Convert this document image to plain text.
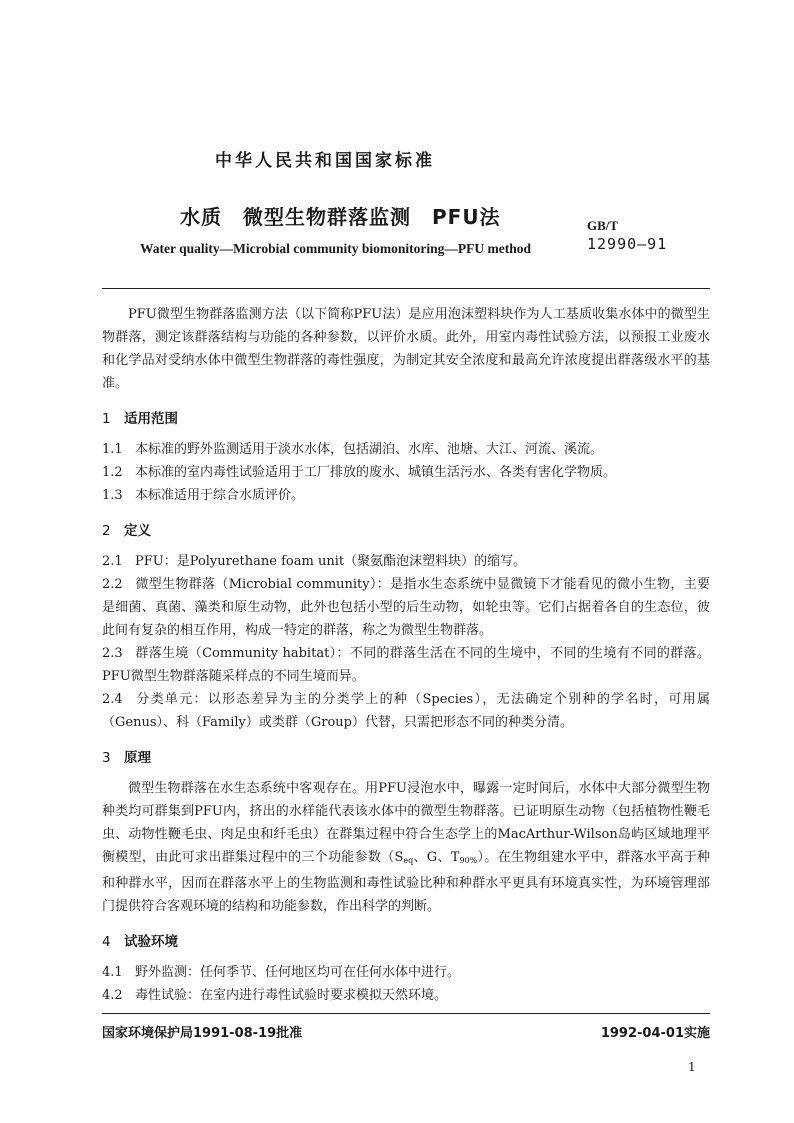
中华人民共和国国家标准
水质　微型生物群落监测　PFU法	GB/T
12990—91

Water quality—Microbial community biomonitoring—PFU method

PFU微型生物群落监测方法（以下简称PFU法）是应用泡沫塑料块作为人工基质收集水体中的微型生物群落，测定该群落结构与功能的各种参数，以评价水质。此外，用室内毒性试验方法，以预报工业废水和化学品对受纳水体中微型生物群落的毒性强度，为制定其安全浓度和最高允许浓度提出群落级水平的基准。

1 适用范围

1.1 本标准的野外监测适用于淡水水体，包括湖泊、水库、池塘、大江、河流、溪流。

1.2 本标准的室内毒性试验适用于工厂排放的废水、城镇生活污水、各类有害化学物质。

1.3 本标准适用于综合水质评价。

2 定义

2.1 PFU：是Polyurethane foam unit（聚氨酯泡沫塑料块）的缩写。

2.2 微型生物群落（Microbial community）：是指水生态系统中显微镜下才能看见的微小生物，主要是细菌、真菌、藻类和原生动物，此外也包括小型的后生动物，如轮虫等。它们占据着各自的生态位，彼此间有复杂的相互作用，构成一特定的群落，称之为微型生物群落。

2.3 群落生境（Community habitat）：不同的群落生活在不同的生境中，不同的生境有不同的群落。PFU微型生物群落随采样点的不同生境而异。

2.4 分类单元：以形态差异为主的分类学上的种（Species），无法确定个别种的学名时，可用属（Genus）、科（Family）或类群（Group）代替，只需把形态不同的种类分清。

3 原理

微型生物群落在水生态系统中客观存在。用PFU浸泡水中，曝露一定时间后，水体中大部分微型生物种类均可群集到PFU内，挤出的水样能代表该水体中的微型生物群落。已证明原生动物（包括植物性鞭毛虫、动物性鞭毛虫、肉足虫和纤毛虫）在群集过程中符合生态学上的MacArthur-Wilson岛屿区域地理平衡模型，由此可求出群集过程中的三个功能参数（$S_{eq}$、G、$T_{90\%}$）。在生物组建水平中，群落水平高于种和种群水平，因而在群落水平上的生物监测和毒性试验比种和种群水平更具有环境真实性，为环境管理部门提供符合客观环境的结构和功能参数，作出科学的判断。

4 试验环境

4.1 野外监测：任何季节、任何地区均可在任何水体中进行。

4.2 毒性试验：在室内进行毒性试验时要求模拟天然环境。

国家环境保护局1991-08-19批准	1992-04-01实施
1
